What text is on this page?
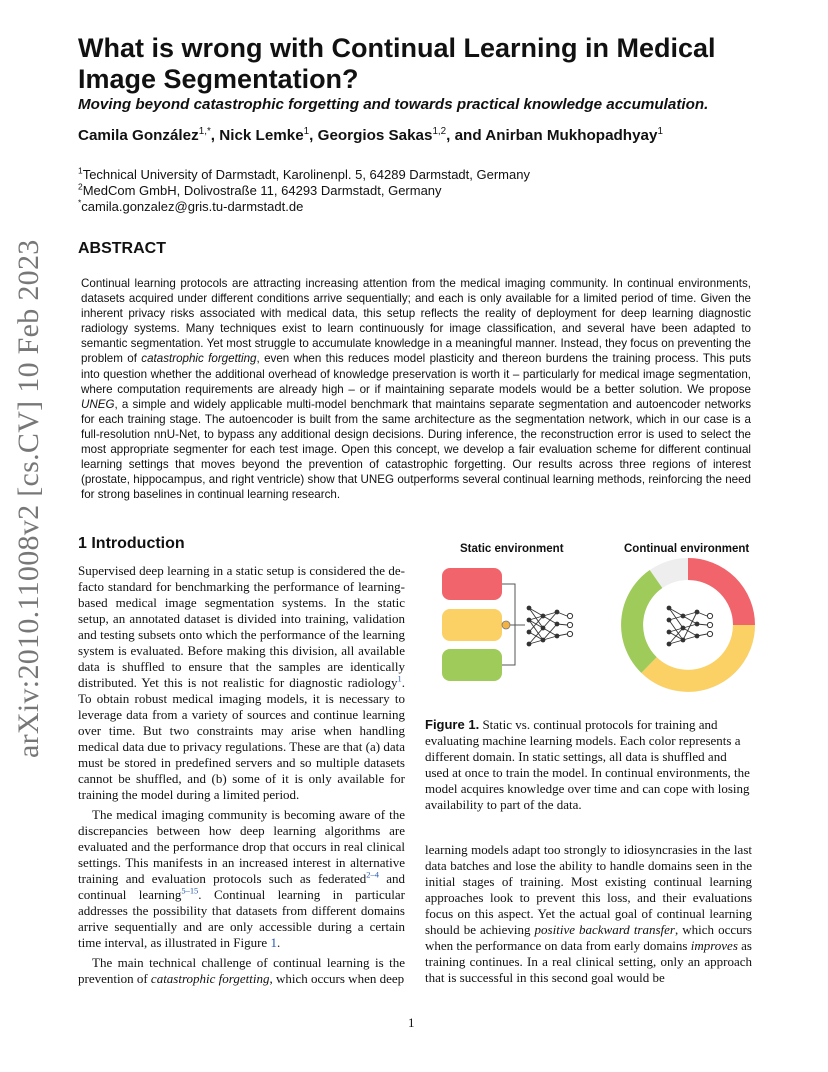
arXiv:2010.11008v2 [cs.CV] 10 Feb 2023
What is wrong with Continual Learning in Medical Image Segmentation?
Moving beyond catastrophic forgetting and towards practical knowledge accumulation.
Camila González$^{1,*}$, Nick Lemke$^1$, Georgios Sakas$^{1,2}$, and Anirban Mukhopadhyay$^1$
$^1$Technical University of Darmstadt, Karolinenpl. 5, 64289 Darmstadt, Germany
$^2$MedCom GmbH, Dolivostraße 11, 64293 Darmstadt, Germany
*camila.gonzalez@gris.tu-darmstadt.de
ABSTRACT

Continual learning protocols are attracting increasing attention from the medical imaging community. In continual environments, datasets acquired under different conditions arrive sequentially; and each is only available for a limited period of time. Given the inherent privacy risks associated with medical data, this setup reflects the reality of deployment for deep learning diagnostic radiology systems. Many techniques exist to learn continuously for image classification, and several have been adapted to semantic segmentation. Yet most struggle to accumulate knowledge in a meaningful manner. Instead, they focus on preventing the problem of catastrophic forgetting, even when this reduces model plasticity and thereon burdens the training process. This puts into question whether the additional overhead of knowledge preservation is worth it – particularly for medical image segmentation, where computation requirements are already high – or if maintaining separate models would be a better solution. We propose UNEG, a simple and widely applicable multi-model benchmark that maintains separate segmentation and autoencoder networks for each training stage. The autoencoder is built from the same architecture as the segmentation network, which in our case is a full-resolution nnU-Net, to bypass any additional design decisions. During inference, the reconstruction error is used to select the most appropriate segmenter for each test image. Open this concept, we develop a fair evaluation scheme for different continual learning settings that moves beyond the prevention of catastrophic forgetting. Our results across three regions of interest (prostate, hippocampus, and right ventricle) show that UNEG outperforms several continual learning methods, reinforcing the need for strong baselines in continual learning research.

1 Introduction

Supervised deep learning in a static setup is considered the de-facto standard for benchmarking the performance of learning-based medical image segmentation systems. In the static setup, an annotated dataset is divided into training, validation and testing subsets onto which the performance of the learning system is evaluated. Before making this division, all available data is shuffled to ensure that the samples are identically distributed. Yet this is not realistic for diagnostic radiology$^1$. To obtain robust medical imaging models, it is necessary to leverage data from a variety of sources and continue learning over time. But two constraints may arise when handling medical data due to privacy regulations. These are that (a) data must be stored in predefined servers and so multiple datasets cannot be shuffled, and (b) some of it is only available for training the model during a limited period.

The medical imaging community is becoming aware of the discrepancies between how deep learning algorithms are evaluated and the performance drop that occurs in real clinical settings. This manifests in an increased interest in alternative training and evaluation protocols such as federated$^{2-4}$ and continual learning$^{5-15}$. Continual learning in particular addresses the possibility that datasets from different domains arrive sequentially and are only accessible during a certain time interval, as illustrated in Figure 1.

The main technical challenge of continual learning is the prevention of catastrophic forgetting, which occurs when deep

Static environment	Continual environment

Figure 1. Static vs. continual protocols for training and evaluating machine learning models. Each color represents a different domain. In static settings, all data is shuffled and used at once to train the model. In continual environments, the model acquires knowledge over time and can cope with losing availability to part of the data.

learning models adapt too strongly to idiosyncrasies in the last data batches and lose the ability to handle domains seen in the initial stages of training. Most existing continual learning approaches look to prevent this loss, and their evaluations focus on this aspect. Yet the actual goal of continual learning should be achieving positive backward transfer, which occurs when the performance on data from early domains improves as training continues. In a real clinical setting, only an approach that is successful in this second goal would be

1
